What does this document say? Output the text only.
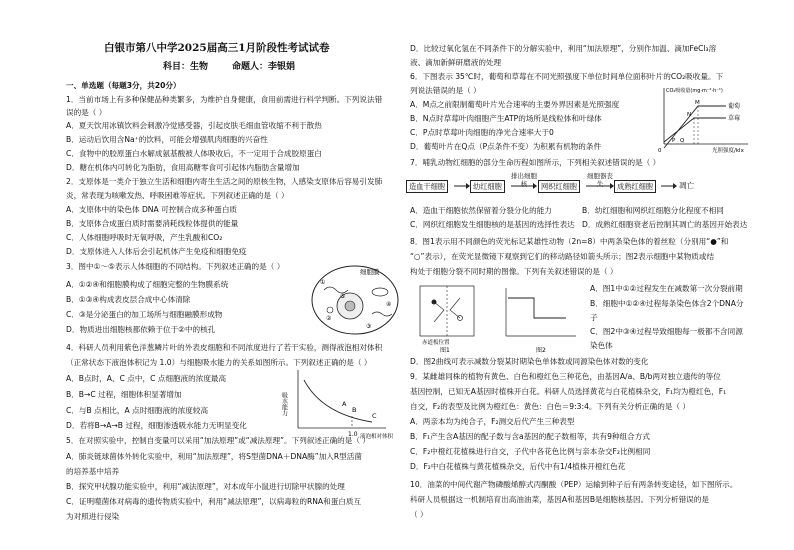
白银市第八中学2025届高三1月阶段性考试试卷
科目：生物	命题人：李银娟
一、单选题（每题3分，共20分）
1．当前市场上有多种保健品种类繁多，为维护自身健康，食用前需进行科学判断。下列说法错
误的是（ ）
A．夏天饮用冰镇饮料会刺激冷觉感受器，引起皮肤毛细血管收缩不利于散热
B．运动后饮用含Na⁺的饮料，可能会增强肌肉细胞的兴奋性
C．食物中的胶原蛋白水解成氨基酸被人体吸收后，不一定用于合成胶原蛋白
D．糖在机体内可转化为脂肪，食用高糖零食可引起体内脂肪含量增加
2．支原体是一类介于独立生活和细胞内寄生生活之间的原核生物，人感染支原体后容易引发肺
炎，常表现为咳嗽发热、呼吸困难等症状。下列叙述正确的是（ ）
A．支原体中的染色体 DNA 可控制合成多种蛋白质
B．支原体合成蛋白质时需要消耗线粒体提供的能量
C．人体细胞呼吸时无氧呼吸，产生乳酸和CO₂
D．支原体进入人体后会引起机体产生免疫和细胞免疫
3．图中①～⑤表示人体细胞的不同结构。下列叙述正确的是（ ）
A．①②④和细胞膜构成了细胞完整的生物膜系统
B．①③④构成表皮层合成中心体清除
C．③是分泌蛋白的加工场所与细胞融膜形成物
D．物质进出细胞核都依赖于位于②中的核孔
细胞膜
①
②
③
④
⑤
4．科研人员利用紫色洋葱鳞片叶的外表皮细胞和不同浓度进行了若干实验，测得液泡相对体积
（正常状态下液泡体积记为 1.0）与细胞吸水能力的关系如图所示。下列叙述正确的是（ ）
A．B点时，A、C 点中，C 点细胞液的浓度最高
B．B→C 过程，细胞体积显著增加
C．与B 点相比，A 点时细胞液的浓度较高
D．若将B→A→B 过程，细胞渗透吸水能力无明显变化
吸水能力
1.0 液泡相对体积
A
B
C
5．在对照实验中，控制自变量可以采用“加法原理”或“减法原理”。下列叙述正确的是（ ）
A．肺炎链球菌体外转化实验中，利用“加法原理”，将S型菌DNA＋DNA酶”加入R型活菌
的培养基中培养
B．探究甲状腺功能实验中，利用“减法原理”，对本成年小鼠进行切除甲状腺的处理
C．证明噬菌体对病毒的遗传物质实验中，利用“减法原理”，以病毒粒的RNA和蛋白质互
为对照进行侵染
D．比较过氧化氢在不同条件下的分解实验中，利用“加法原理”，分别作加温、滴加FeCl₃溶
液、滴加新鲜研磨液的处理
6．下图表示 35℃时，葡萄和草莓在不同光照强度下单位时间单位面积叶片的CO₂吸收量。下
列说法错误的是（ ）
A．M点之前限制葡萄叶片光合速率的主要外界因素是光照强度
B．N点时草莓叶肉细胞产生ATP的场所是线粒体和叶绿体
C．P点时草莓叶肉细胞的净光合速率大于0
D．葡萄叶片在Q点（P点条件不变）为积累有机物的条件
CO₂吸收量(mg·m⁻²·h⁻¹)
葡萄
草莓
M
N
P Q
0	光照强度/klx
7．哺乳动物红细胞的部分生命历程如图所示，下列相关叙述错误的是（ ）
造血干细胞	幼红细胞
排出细胞核	网织红细胞
细胞器丧失	成熟红细胞	凋亡
A．造血干细胞依然保留着分裂分化的能力	B．幼红细胞和网织红细胞分化程度不相同
C．网织红细胞发生细胞核的是基因的选择性表达 D．成熟红细胞衰老后控制其凋亡的基因开始表达
8．图1表示用不同颜色的荧光标记某雄性动物（2n=8）中两条染色体的着丝粒（分别用“●”和
“○”表示），在荧光显微镜下观察到它们的移动路径如箭头所示；图2表示细胞中某物质或结
构处于细胞分裂不同时期的图像。下列有关叙述错误的是（ ）
赤道板位置
图1	图2
A．图1中①②过程发生在减数第一次分裂前期
B．细胞中①②④过程每条染色体含2个DNA分
子
C．图2中③④过程导致细胞每一极都不含同源
染色体
D．图2曲线可表示减数分裂某时期染色单体数或同源染色体对数的变化
9．某雌雄同株的植物有黄色、白色和橙红色三种花色，由基因A/a、B/b两对独立遗传的等位
基因控制，已知无A基因时植株开白花。科研人员选择黄花与白花植株杂交，F₁均为橙红色，F₁
自交，F₂的表型及比例为橙红色：黄色：白色＝9:3:4。下列有关分析正确的是（ ）
A．两亲本均为纯合子，F₂测交后代产生三种表型
B．F₁产生含A基因的配子数与含a基因的配子数相等，共有9种组合方式
C．F₂中橙红花植株进行自交，子代中各花色比例与亲本杂交F₂比例相同
D．F₂中白花植株与黄花植株杂交，后代中有1/4植株开橙红色花
10．油菜的中间代谢产物磷酸烯醇式丙酮酸（PEP）运输到种子后有两条转变途径，如下图所示。
科研人员根据这一机制培育出高油油菜，基因A和基因B是细胞核基因。下列分析错误的是
（ ）
